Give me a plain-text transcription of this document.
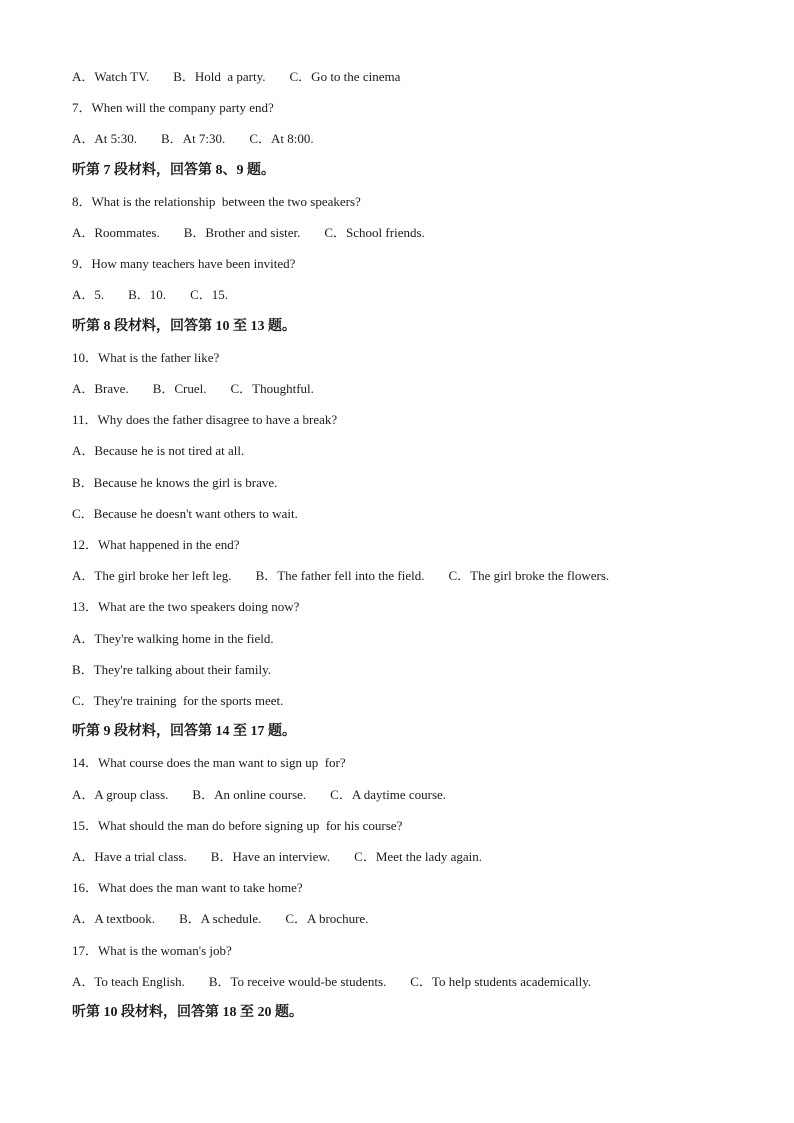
A．Watch TV. B．Hold  a party. C．Go to the cinema
7．When will the company party end?
A．At 5:30. B．At 7:30. C．At 8:00.
听第 7 段材料，回答第 8、9 题。
8．What is the relationship  between the two speakers?
A．Roommates. B．Brother and sister. C．School friends.
9．How many teachers have been invited?
A．5. B．10. C．15.
听第 8 段材料，回答第 10 至 13 题。
10．What is the father like?
A．Brave. B．Cruel. C．Thoughtful.
11．Why does the father disagree to have a break?
A．Because he is not tired at all.
B．Because he knows the girl is brave.
C．Because he doesn't want others to wait.
12．What happened in the end?
A．The girl broke her left leg. B．The father fell into the field. C．The girl broke the flowers.
13．What are the two speakers doing now?
A．They're walking home in the field.
B．They're talking about their family.
C．They're training  for the sports meet.
听第 9 段材料，回答第 14 至 17 题。
14．What course does the man want to sign up  for?
A．A group class. B．An online course. C．A daytime course.
15．What should the man do before signing up  for his course?
A．Have a trial class. B．Have an interview. C．Meet the lady again.
16．What does the man want to take home?
A．A textbook. B．A schedule. C．A brochure.
17．What is the woman's job?
A．To teach English. B．To receive would-be students. C．To help students academically.
听第 10 段材料，回答第 18 至 20 题。
